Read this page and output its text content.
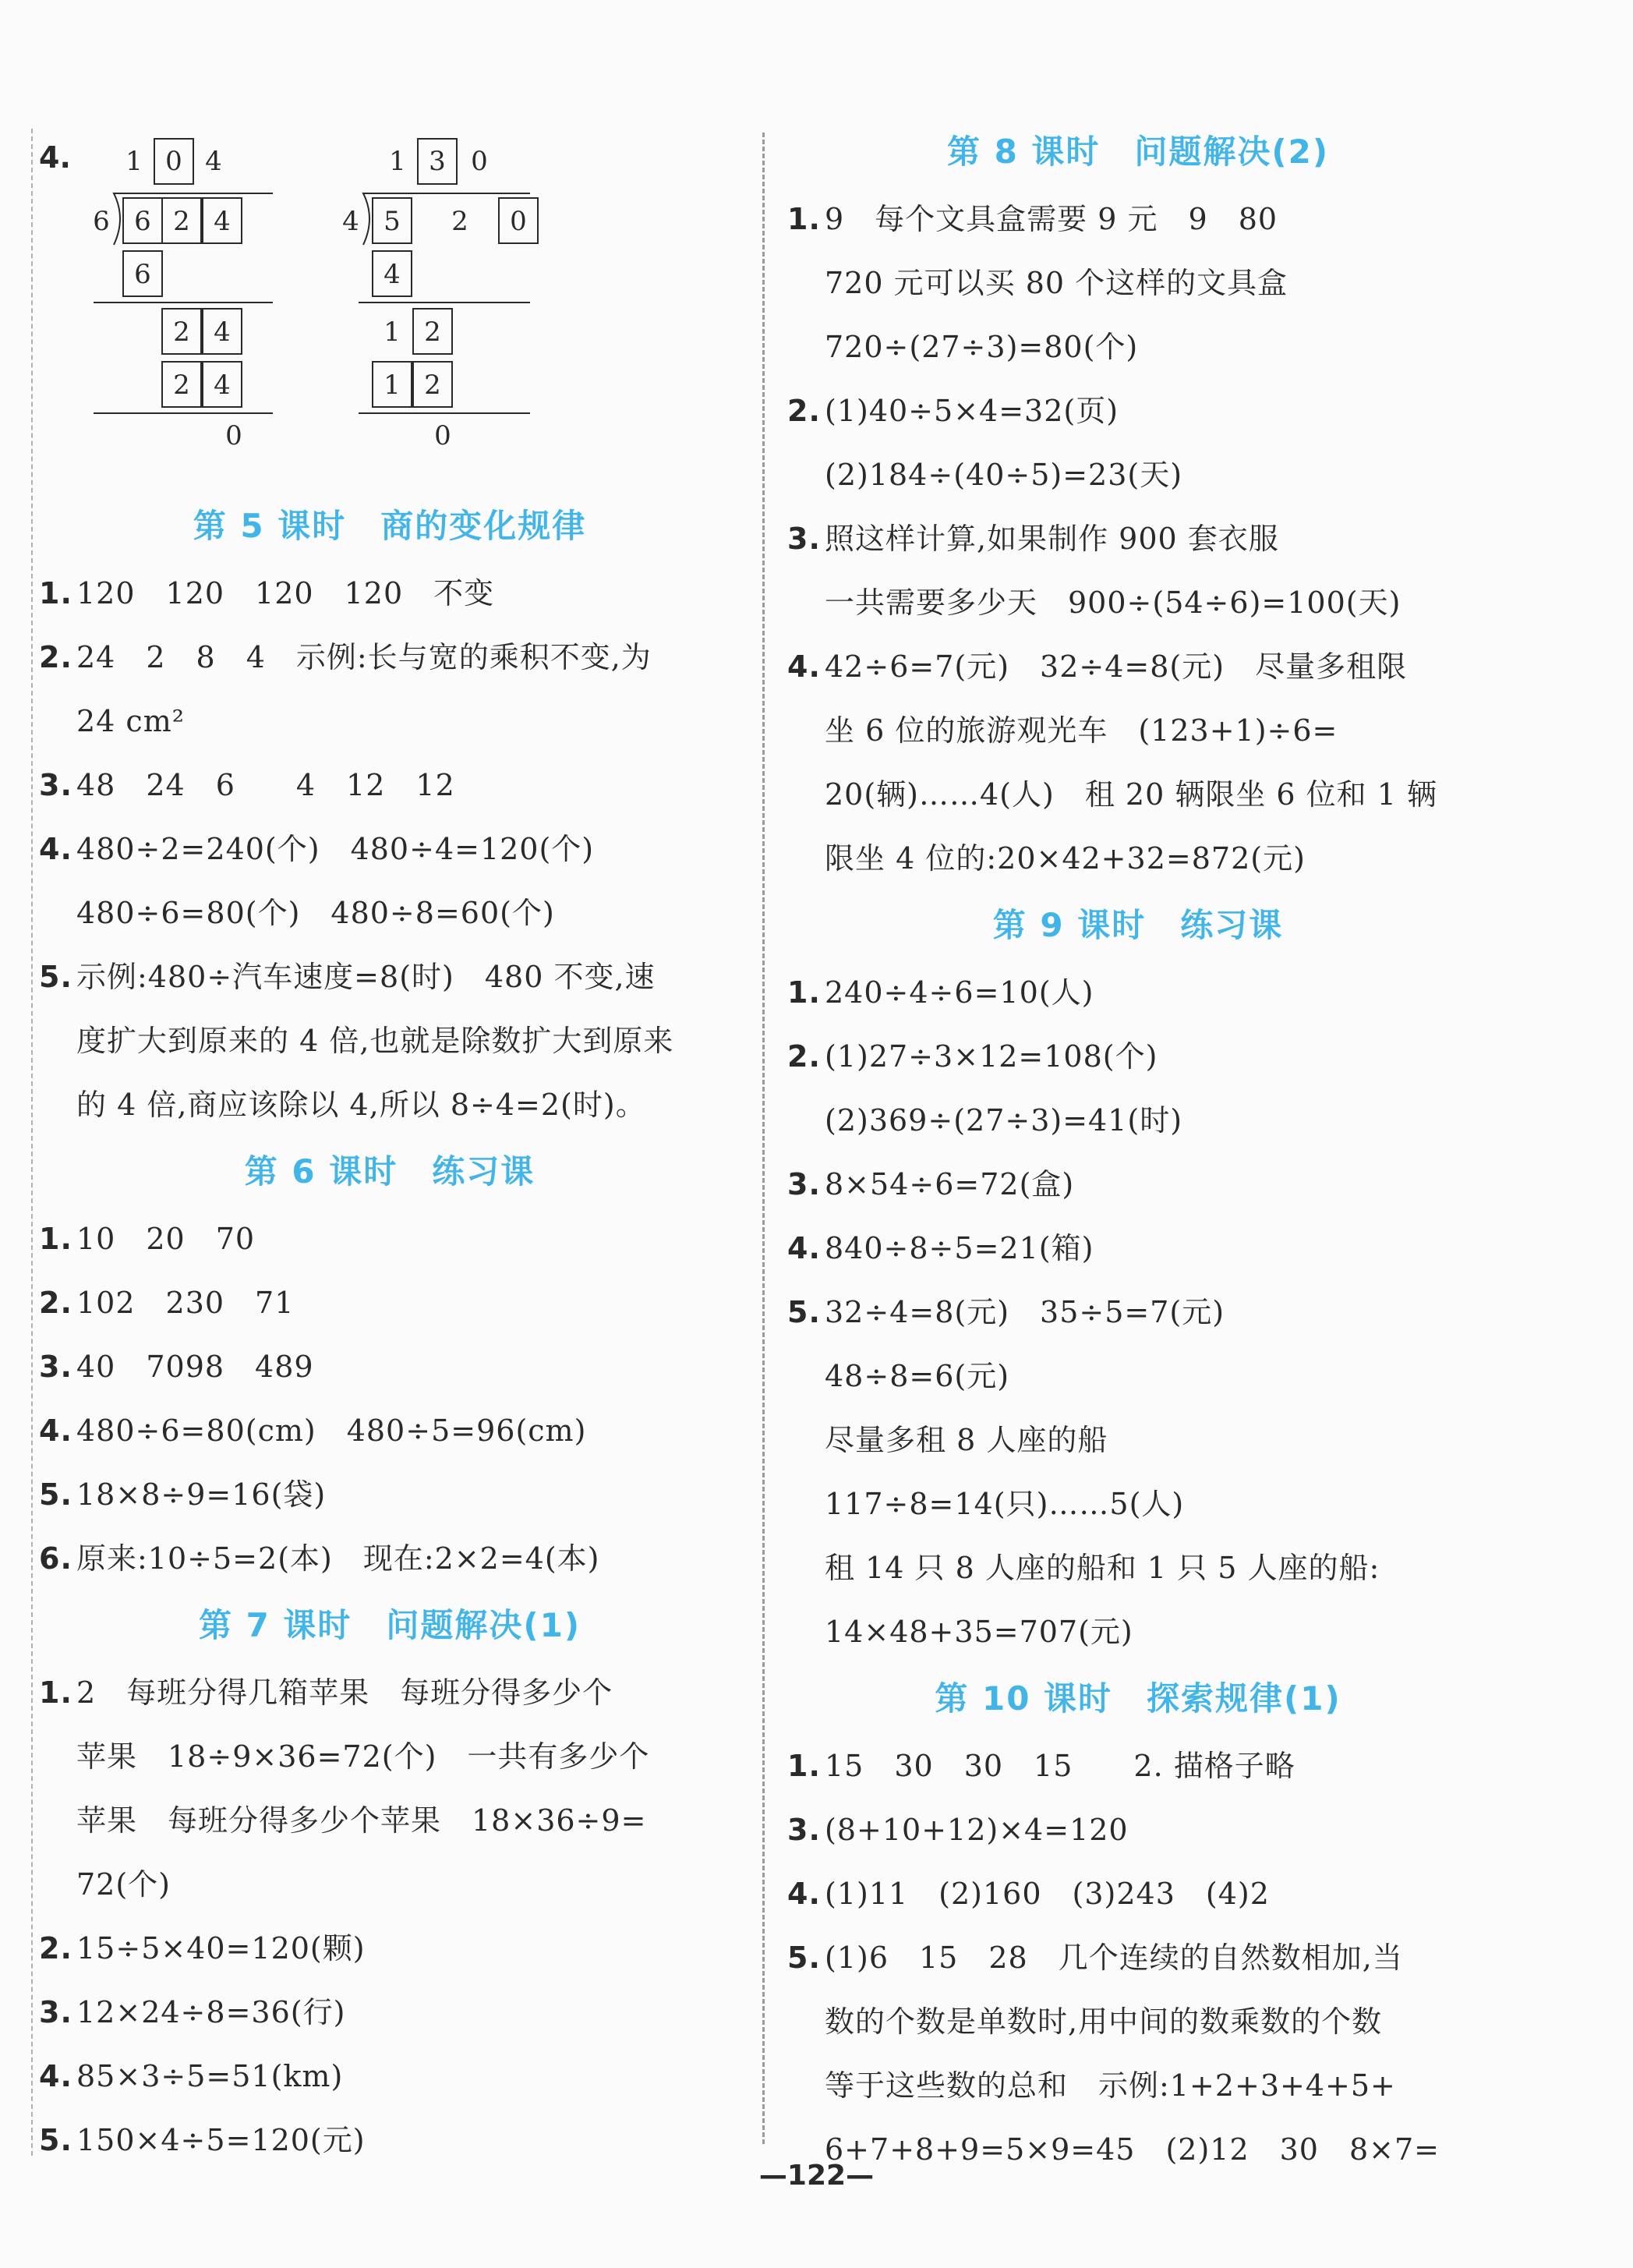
4. 1 0 4
6 6 2 4
6
2 4
2 4
0
1 3 0
4 5 2 0
4
1 2
1 2
0
第 5 课时　商的变化规律
1. 120　120　120　120　不变
2. 24　2　8　4　示例:长与宽的乘积不变,为
24 cm²
3. 48　24　6　　4　12　12
4. 480÷2=240(个)　480÷4=120(个)
480÷6=80(个)　480÷8=60(个)
5. 示例:480÷汽车速度=8(时)　480 不变,速
度扩大到原来的 4 倍,也就是除数扩大到原来
的 4 倍,商应该除以 4,所以 8÷4=2(时)。
第 6 课时　练习课
1. 10　20　70
2. 102　230　71
3. 40　7098　489
4. 480÷6=80(cm)　480÷5=96(cm)
5. 18×8÷9=16(袋)
6. 原来:10÷5=2(本)　现在:2×2=4(本)
第 7 课时　问题解决(1)
1. 2　每班分得几箱苹果　每班分得多少个
苹果　18÷9×36=72(个)　一共有多少个
苹果　每班分得多少个苹果　18×36÷9=
72(个)
2. 15÷5×40=120(颗)
3. 12×24÷8=36(行)
4. 85×3÷5=51(km)
5. 150×4÷5=120(元)
第 8 课时　问题解决(2)
1. 9　每个文具盒需要 9 元　9　80
720 元可以买 80 个这样的文具盒
720÷(27÷3)=80(个)
2. (1)40÷5×4=32(页)
(2)184÷(40÷5)=23(天)
3. 照这样计算,如果制作 900 套衣服
一共需要多少天　900÷(54÷6)=100(天)
4. 42÷6=7(元)　32÷4=8(元)　尽量多租限
坐 6 位的旅游观光车　(123+1)÷6=
20(辆)……4(人)　租 20 辆限坐 6 位和 1 辆
限坐 4 位的:20×42+32=872(元)
第 9 课时　练习课
1. 240÷4÷6=10(人)
2. (1)27÷3×12=108(个)
(2)369÷(27÷3)=41(时)
3. 8×54÷6=72(盒)
4. 840÷8÷5=21(箱)
5. 32÷4=8(元)　35÷5=7(元)
48÷8=6(元)
尽量多租 8 人座的船
117÷8=14(只)……5(人)
租 14 只 8 人座的船和 1 只 5 人座的船:
14×48+35=707(元)
第 10 课时　探索规律(1)
1. 15　30　30　15　　2. 描格子略
3. (8+10+12)×4=120
4. (1)11　(2)160　(3)243　(4)2
5. (1)6　15　28　几个连续的自然数相加,当
数的个数是单数时,用中间的数乘数的个数
等于这些数的总和　示例:1+2+3+4+5+
6+7+8+9=5×9=45　(2)12　30　8×7=
—122—
